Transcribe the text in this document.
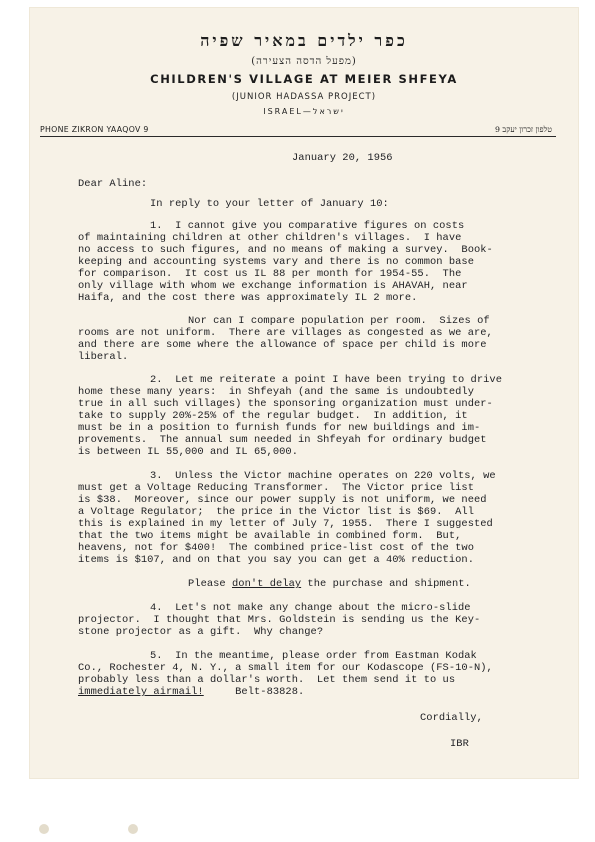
כפר ילדים במאיר שפיה
(מפעל הדסה הצעירה)
CHILDREN'S VILLAGE AT MEIER SHFEYA
(JUNIOR HADASSA PROJECT)
ISRAEL—ישראל
PHONE ZIKRON YAAQOV 9	טלפון זכרון יעקב 9
January 20, 1956
Dear Aline:
In reply to your letter of January 10:
1.  I cannot give you comparative figures on costs
of maintaining children at other children's villages.  I have
no access to such figures, and no means of making a survey.  Book-
keeping and accounting systems vary and there is no common base
for comparison.  It cost us IL 88 per month for 1954-55.  The
only village with whom we exchange information is AHAVAH, near
Haifa, and the cost there was approximately IL 2 more.
Nor can I compare population per room.  Sizes of
rooms are not uniform.  There are villages as congested as we are,
and there are some where the allowance of space per child is more
liberal.
2.  Let me reiterate a point I have been trying to drive
home these many years:  in Shfeyah (and the same is undoubtedly
true in all such villages) the sponsoring organization must under-
take to supply 20%-25% of the regular budget.  In addition, it
must be in a position to furnish funds for new buildings and im-
provements.  The annual sum needed in Shfeyah for ordinary budget
is between IL 55,000 and IL 65,000.
3.  Unless the Victor machine operates on 220 volts, we
must get a Voltage Reducing Transformer.  The Victor price list
is $38.  Moreover, since our power supply is not uniform, we need
a Voltage Regulator;  the price in the Victor list is $69.  All
this is explained in my letter of July 7, 1955.  There I suggested
that the two items might be available in combined form.  But,
heavens, not for $400!  The combined price-list cost of the two
items is $107, and on that you say you can get a 40% reduction.
Please don't delay the purchase and shipment.
4.  Let's not make any change about the micro-slide
projector.  I thought that Mrs. Goldstein is sending us the Key-
stone projector as a gift.  Why change?
5.  In the meantime, please order from Eastman Kodak
Co., Rochester 4, N. Y., a small item for our Kodascope (FS-10-N),
probably less than a dollar's worth.  Let them send it to us
immediately airmail!     Belt-83828.
Cordially,
IBR
